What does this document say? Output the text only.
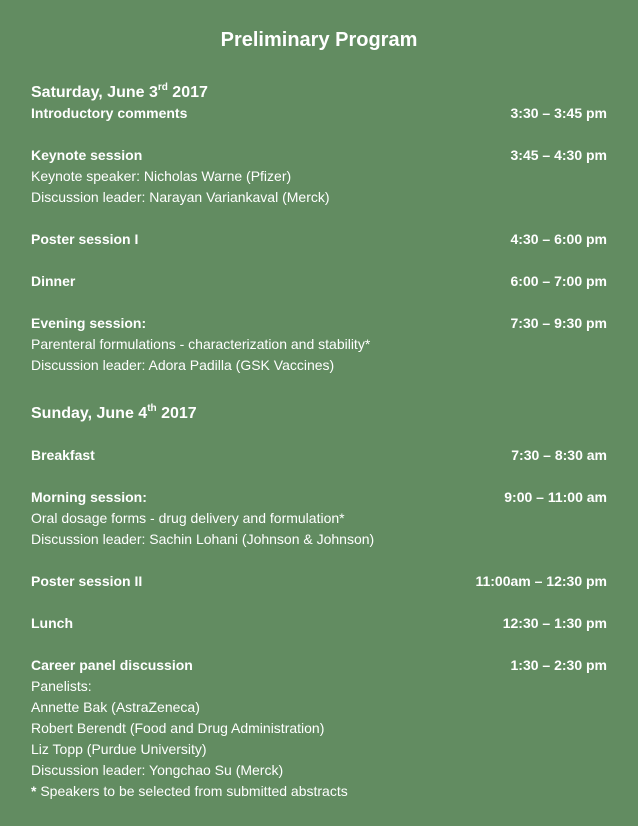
Preliminary Program
Saturday, June 3rd 2017
Introductory comments	3:30 – 3:45 pm
Keynote session	3:45 – 4:30 pm
Keynote speaker: Nicholas Warne (Pfizer)
Discussion leader: Narayan Variankaval (Merck)
Poster session I	4:30 – 6:00 pm
Dinner	6:00 – 7:00 pm
Evening session:	7:30 – 9:30 pm
Parenteral formulations - characterization and stability*
Discussion leader: Adora Padilla (GSK Vaccines)
Sunday, June 4th 2017
Breakfast	7:30 – 8:30 am
Morning session:	9:00 – 11:00 am
Oral dosage forms - drug delivery and formulation*
Discussion leader: Sachin Lohani (Johnson & Johnson)
Poster session II	11:00am – 12:30 pm
Lunch	12:30 – 1:30 pm
Career panel discussion	1:30 – 2:30 pm
Panelists:
Annette Bak (AstraZeneca)
Robert Berendt (Food and Drug Administration)
Liz Topp (Purdue University)
Discussion leader: Yongchao Su (Merck)
* Speakers to be selected from submitted abstracts
